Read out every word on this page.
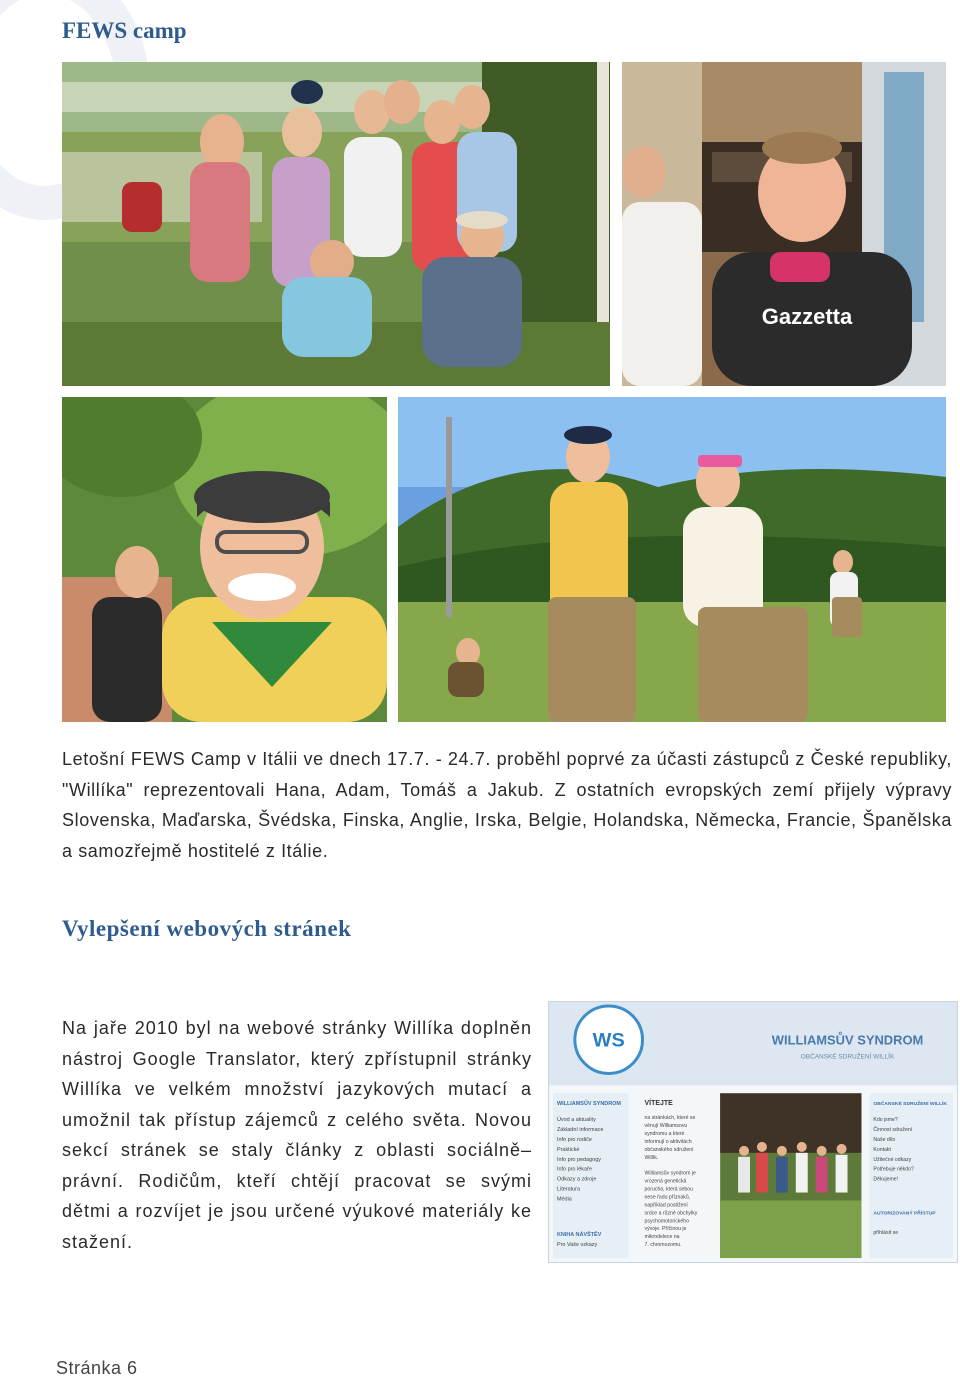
FEWS camp
Gazzetta

Letošní FEWS Camp v Itálii ve dnech 17.7. - 24.7. proběhl poprvé za účasti zástupců z České republiky, "Willíka" reprezentovali Hana, Adam, Tomáš a Jakub. Z ostatních evropských zemí přijely výpravy Slovenska, Maďarska, Švédska, Finska, Anglie, Irska, Belgie, Holandska, Německa, Francie, Španělska a samozřejmě hostitelé z Itálie.

Vylepšení webových stránek

Na jaře 2010 byl na webové stránky Willíka doplněn nástroj Google Translator, který zpřístupnil stránky Willíka ve velkém množství jazykových mutací a umožnil tak přístup zájemců z celého světa. Novou sekcí stránek se staly články z oblasti sociálně–právní. Rodičům, kteří chtějí pracovat se svými dětmi a rozvíjet je jsou určené výukové materiály ke stažení.

WS	WILLIAMSŮV SYNDROM
OBČANSKÉ SDRUŽENÍ WILLÍK
WILLIAMSŮV SYNDROM
Úvod a aktuality
Základní informace
Info pro rodiče
Praktické
Info pro pedagogy
Info pro lékaře
Odkazy a zdroje
Literatura
Média
KNIHA NÁVŠTĚV
Pro Vaše vzkazy
VÍTEJTE
na stránkách, které se
věnují Williamsovu
syndromu a které
informují o aktivitách
občanského sdružení
Willík.
Williamsův syndrom je
vrozená genetická
porucha, která sebou
nese řadu příznaků,
například postižení
srdce a různé obchylky
psychomotorického
vývoje. Příčinou je
mikrodelece na
7. chromozomu.
OBČANSKÉ SDRUŽENÍ WILLÍK
Kdo jsme?
Činnost sdružení
Naše dílo
Kontakt
Užitečné odkazy
Potřebuje někdo?
Děkujeme!
AUTORIZOVANÝ PŘÍSTUP
přihlásit se
Stránka 6
